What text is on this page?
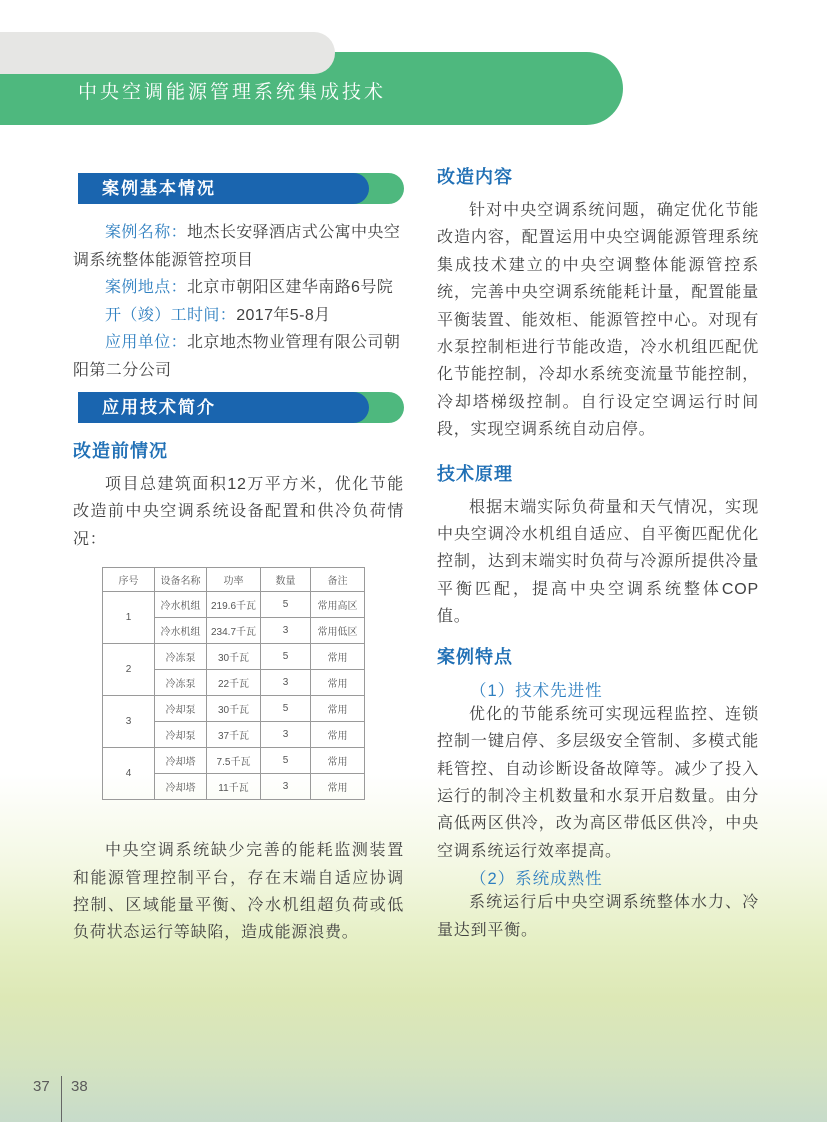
中央空调能源管理系统集成技术
案例基本情况

案例名称：地杰长安驿酒店式公寓中央空调系统整体能源管控项目

案例地点：北京市朝阳区建华南路6号院

开（竣）工时间：2017年5-8月

应用单位：北京地杰物业管理有限公司朝阳第二分公司

应用技术简介
改造前情况

项目总建筑面积12万平方米，优化节能改造前中央空调系统设备配置和供冷负荷情况：

序号	设备名称	功率	数量	备注
1	冷水机组	219.6千瓦	5	常用高区
	冷水机组	234.7千瓦	3	常用低区
2	冷冻泵	30千瓦	5	常用
	冷冻泵	22千瓦	3	常用
3	冷却泵	30千瓦	5	常用
	冷却泵	37千瓦	3	常用
4	冷却塔	7.5千瓦	5	常用
	冷却塔	11千瓦	3	常用

中央空调系统缺少完善的能耗监测装置和能源管理控制平台，存在末端自适应协调控制、区域能量平衡、冷水机组超负荷或低负荷状态运行等缺陷，造成能源浪费。

改造内容

针对中央空调系统问题，确定优化节能改造内容，配置运用中央空调能源管理系统集成技术建立的中央空调整体能源管控系统，完善中央空调系统能耗计量，配置能量平衡装置、能效柜、能源管控中心。对现有水泵控制柜进行节能改造，冷水机组匹配优化节能控制，冷却水系统变流量节能控制，冷却塔梯级控制。自行设定空调运行时间段，实现空调系统自动启停。

技术原理

根据末端实际负荷量和天气情况，实现中央空调冷水机组自适应、自平衡匹配优化控制，达到末端实时负荷与冷源所提供冷量平衡匹配，提高中央空调系统整体COP值。

案例特点
（1）技术先进性

优化的节能系统可实现远程监控、连锁控制一键启停、多层级安全管制、多模式能耗管控、自动诊断设备故障等。减少了投入运行的制冷主机数量和水泵开启数量。由分高低两区供冷，改为高区带低区供冷，中央空调系统运行效率提高。

（2）系统成熟性

系统运行后中央空调系统整体水力、冷量达到平衡。

37 38
